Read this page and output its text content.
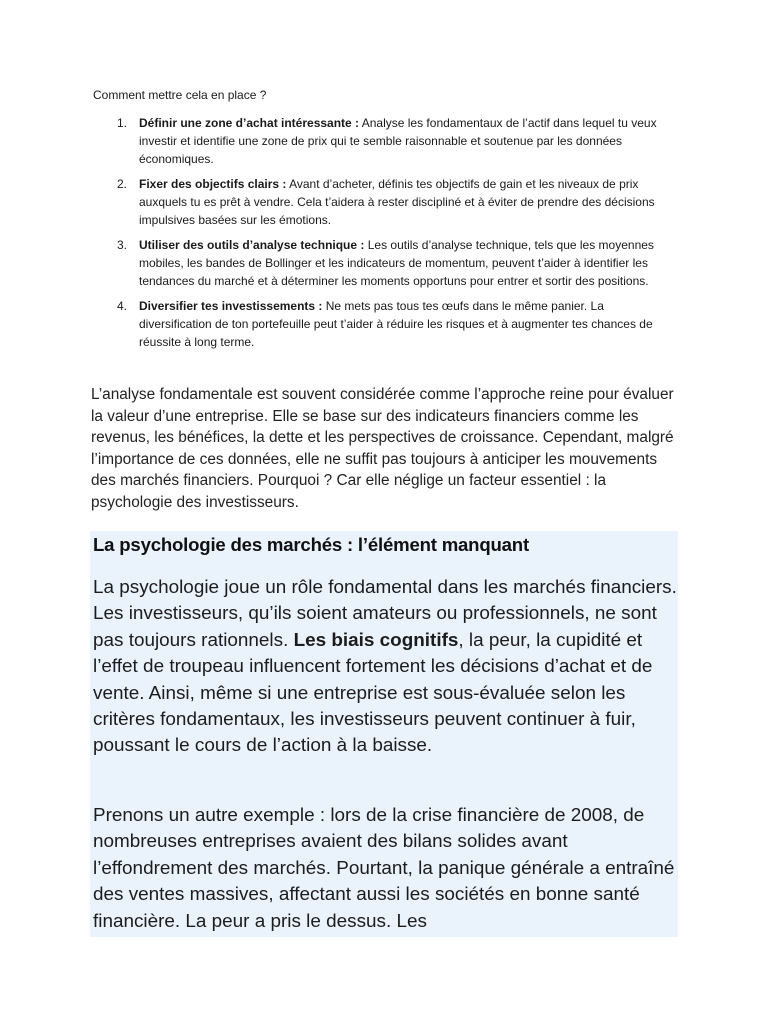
Comment mettre cela en place ?

1. Définir une zone d’achat intéressante : Analyse les fondamentaux de l’actif dans lequel tu veux investir et identifie une zone de prix qui te semble raisonnable et soutenue par les données économiques.
2. Fixer des objectifs clairs : Avant d’acheter, définis tes objectifs de gain et les niveaux de prix auxquels tu es prêt à vendre. Cela t’aidera à rester discipliné et à éviter de prendre des décisions impulsives basées sur les émotions.
3. Utiliser des outils d’analyse technique : Les outils d’analyse technique, tels que les moyennes mobiles, les bandes de Bollinger et les indicateurs de momentum, peuvent t’aider à identifier les tendances du marché et à déterminer les moments opportuns pour entrer et sortir des positions.
4. Diversifier tes investissements : Ne mets pas tous tes œufs dans le même panier. La diversification de ton portefeuille peut t’aider à réduire les risques et à augmenter tes chances de réussite à long terme.

L’analyse fondamentale est souvent considérée comme l’approche reine pour évaluer la valeur d’une entreprise. Elle se base sur des indicateurs financiers comme les revenus, les bénéfices, la dette et les perspectives de croissance. Cependant, malgré l’importance de ces données, elle ne suffit pas toujours à anticiper les mouvements des marchés financiers. Pourquoi ? Car elle néglige un facteur essentiel : la psychologie des investisseurs.

La psychologie des marchés : l’élément manquant

La psychologie joue un rôle fondamental dans les marchés financiers. Les investisseurs, qu’ils soient amateurs ou professionnels, ne sont pas toujours rationnels. Les biais cognitifs, la peur, la cupidité et l’effet de troupeau influencent fortement les décisions d’achat et de vente. Ainsi, même si une entreprise est sous-évaluée selon les critères fondamentaux, les investisseurs peuvent continuer à fuir, poussant le cours de l’action à la baisse.

Prenons un autre exemple : lors de la crise financière de 2008, de nombreuses entreprises avaient des bilans solides avant l’effondrement des marchés. Pourtant, la panique générale a entraîné des ventes massives, affectant aussi les sociétés en bonne santé financière. La peur a pris le dessus. Les
